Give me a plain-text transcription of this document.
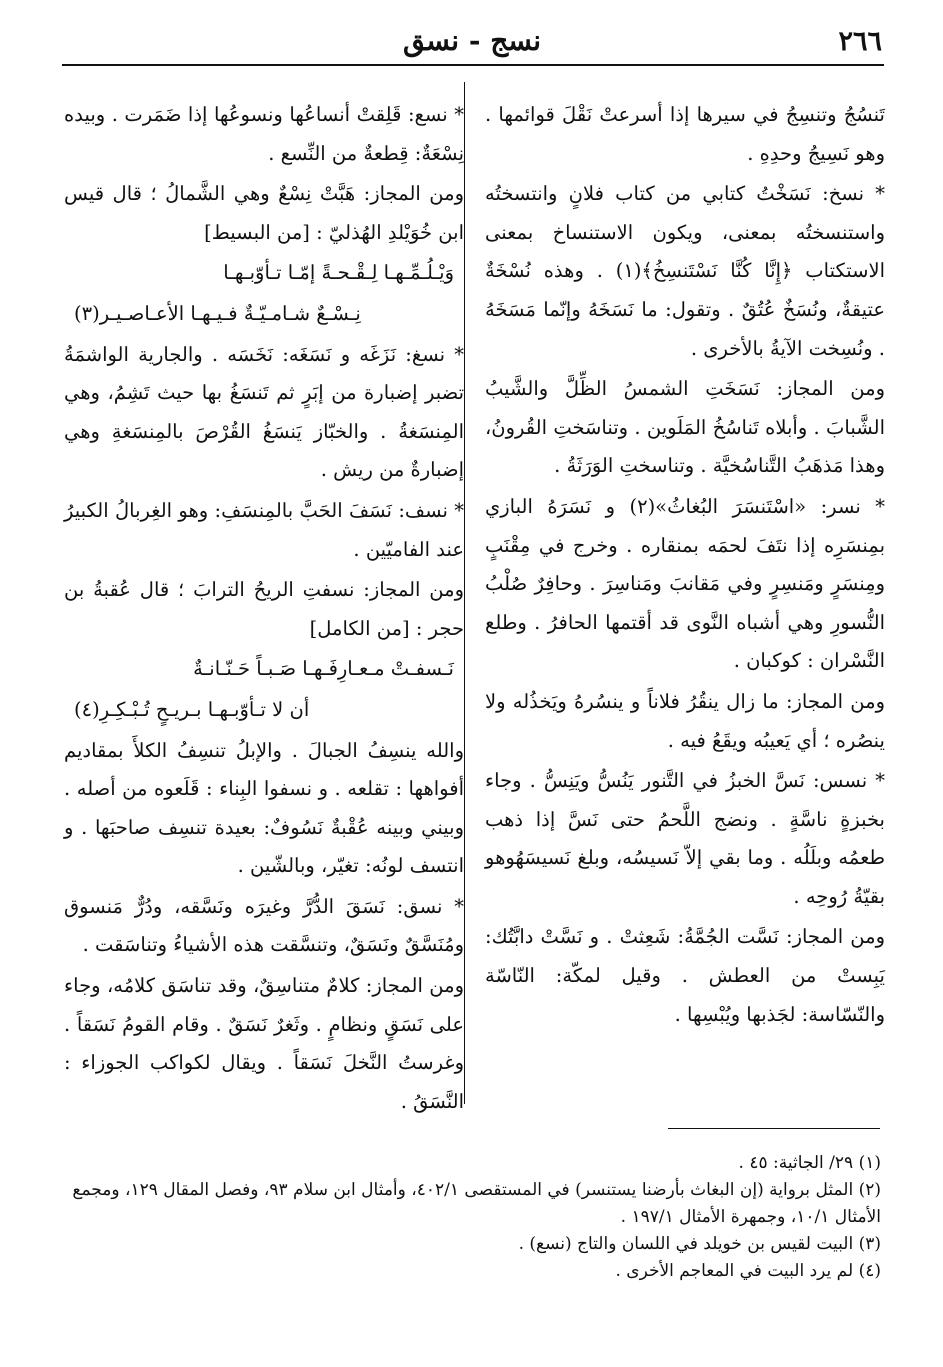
٢٦٦
نسج - نسق

تَنسُجُ وتنسِجُ في سيرها إذا أسرعتْ نَقْلَ قوائمها . وهو نَسِيجُ وحدِهِ .

* نسخ: نَسَخْتُ كتابي من كتاب فلانٍ وانتسختُه واستنسختُه بمعنى، ويكون الاستنساخ بمعنى الاستكتاب ﴿إِنَّا كُنَّا نَسْتَنسِخُ﴾(١) . وهذه نُسْخَةٌ عتيقةٌ، ونُسَخٌ عُتُقٌ . وتقول: ما نَسَخَهُ وإنّما مَسَخَهُ . ونُسِخت الآيةُ بالأخرى .

ومن المجاز: نَسَخَتِ الشمسُ الظِّلَّ والشَّيبُ الشَّبابَ . وأبلاه تَناسُخُ المَلَوين . وتناسَختِ القُرونُ، وهذا مَذهَبُ التَّناسُخيَّة . وتناسختِ الوَرَثَةُ .

* نسر: «اسْتَنسَرَ البُغاثُ»(٢) و نَسَرَهُ البازي بمِنسَرِه إذا نتَفَ لحمَه بمنقاره . وخرج في مِقْنَبٍ ومِنسَرٍ ومَنسِرٍ وفي مَقانبَ ومَناسِرَ . وحافِرٌ صُلْبُ النُّسورِ وهي أشباه النَّوى قد أقتمها الحافرُ . وطلع النَّسْران : كوكبان .

ومن المجاز: ما زال ينقُرُ فلاناً و ينسُرهُ ويَخذُله ولا ينصُره ؛ أي يَعيبُه ويقَعُ فيه .

* نسس: نَسَّ الخبزُ في التَّنور يَنُسُّ ويَنِسُّ . وجاء بخبزةٍ ناسَّةٍ . ونضج اللَّحمُ حتى نَسَّ إذا ذهب طعمُه وبلَلُه . وما بقي إلاّ نَسيسُه، وبلغ نَسيسَهُوهو بقيّةُ رُوحِه .

ومن المجاز: نَسَّت الجُمَّةُ: شَعِثتْ . و نَسَّتْ دابَّتُك: يَبِستْ من العطش . وقيل لمكّة: النّاسّة والنّسّاسة: لجَذبها ويُبْسِها .

* نسع: قَلِقتْ أنساعُها ونسوعُها إذا ضَمَرت . وبيده نِسْعَةٌ: قِطعةٌ من النِّسع .

ومن المجاز: هَبَّتْ نِسْعٌ وهي الشَّمالُ ؛ قال قيس ابن خُوَيْلدِ الهُذليّ : [من البسيط]

وَيْـلُـمِّـهـا لِـقْـحـةً إمّـا تـأوّبـهـا

نِـسْـعٌ شـامـيّـةٌ فـيـهـا الأعـاصـيـر(٣)

* نسغ: نَزَغَه و نَسَغَه: نَخَسَه . والجارية الواشمَةُ تضبر إضبارة من إبَرٍ ثم تَنسَغُ بها حيث تَشِمُ، وهي المِنسَغةُ . والخبّاز يَنسَغُ القُرْصَ بالمِنسَغةِ وهي إضبارةٌ من ريش .

* نسف: نَسَفَ الحَبَّ بالمِنسَفِ: وهو الغِربالُ الكبيرُ عند الفاميّين .

ومن المجاز: نسفتِ الريحُ الترابَ ؛ قال عُقبةُ بن حجر : [من الكامل]

نَـسفـتْ مـعـارِفَـهـا صَـبـاً حَـنّـانـةٌ

أن لا تـأوّبـهـا بـريـحٍ تُـبْـكِـرِ(٤)

والله ينسِفُ الجبالَ . والإبلُ تنسِفُ الكلأَ بمقاديم أفواهها : تقلعه . و نسفوا البِناء : قَلَعوه من أصله . وبيني وبينه عُقْبةٌ نَسُوفٌ: بعيدة تنسِف صاحبَها . و انتسف لونُه: تغيّر، وبالشّين .

* نسق: نَسَقَ الدُّرَّ وغيرَه ونَسَّقه، ودُرٌّ مَنسوق ومُنَسَّقٌ ونَسَقٌ، وتنسَّقت هذه الأشياءُ وتناسَقت .

ومن المجاز: كلامٌ متناسِقٌ، وقد تناسَق كلامُه، وجاء على نَسَقٍ ونظامٍ . وثَغرٌ نَسَقٌ . وقام القومُ نَسَقاً . وغرستُ النَّخلَ نَسَقاً . ويقال لكواكب الجوزاء : النَّسَقُ .

(١) ٢٩/ الجاثية: ٤٥ .

(٢) المثل برواية (إن البغاث بأرضنا يستنسر) في المستقصى ٤٠٢/١، وأمثال ابن سلام ٩٣، وفصل المقال ١٢٩، ومجمع الأمثال ١٠/١، وجمهرة الأمثال ١٩٧/١ .

(٣) البيت لقيس بن خويلد في اللسان والتاج (نسع) .

(٤) لم يرد البيت في المعاجم الأخرى .
